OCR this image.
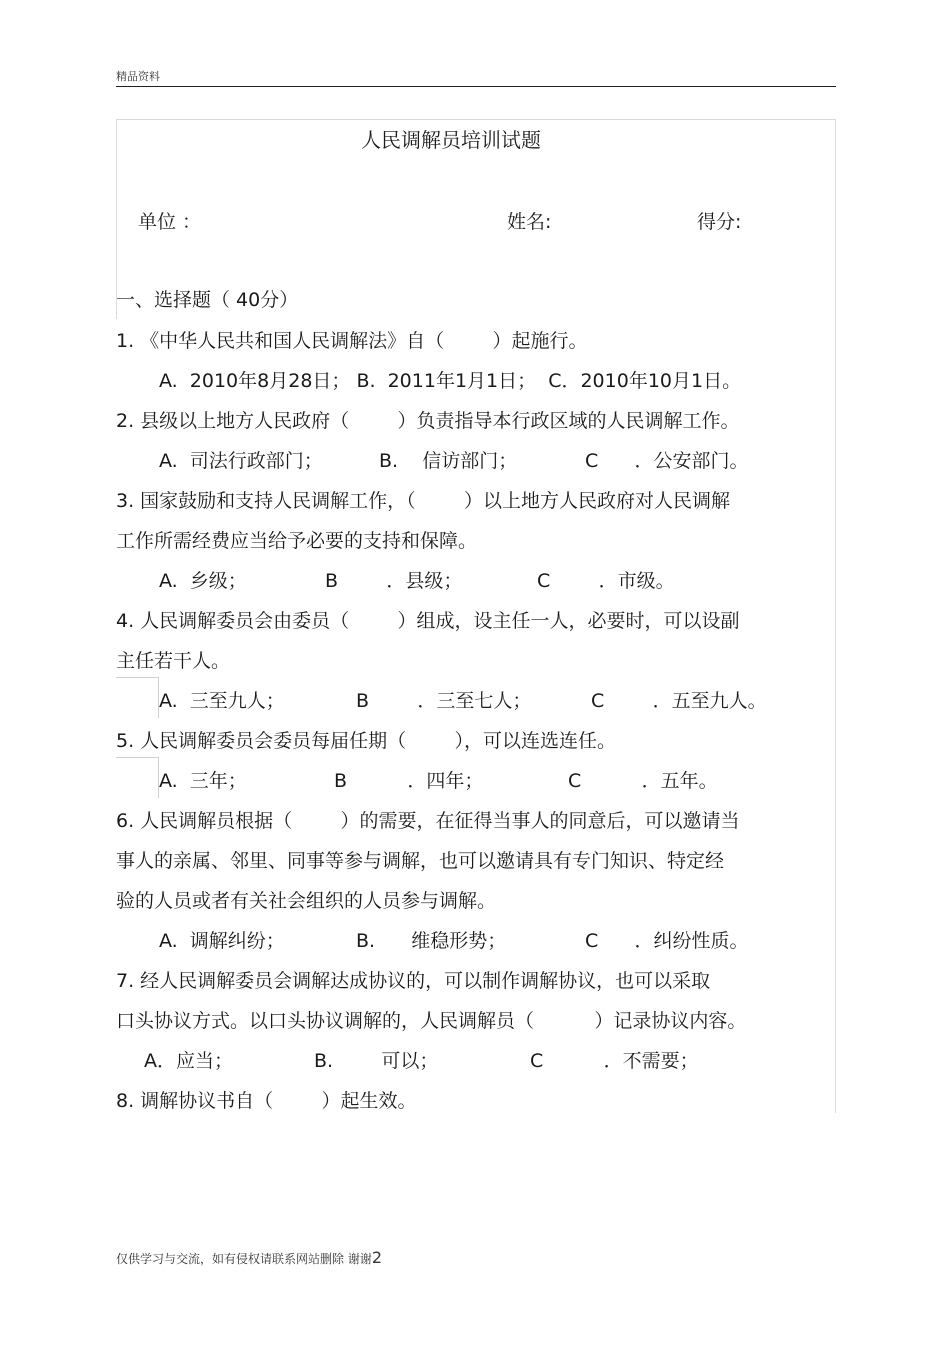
精品资料
人民调解员培训试题
单位 ：	姓名:	得分:
一、选择题（ 40分）
1. 《中华人民共和国人民调解法》自（        ）起施行。
A.  2010年8月28日； B.  2011年1月1日；  C．2010年10月1日。
2. 县级以上地方人民政府（        ）负责指导本行政区域的人民调解工作。
A.  司法行政部门；	B.    信访部门；	C      ．公安部门。
3. 国家鼓励和支持人民调解工作，（        ）以上地方人民政府对人民调解
工作所需经费应当给予必要的支持和保障。
A.  乡级；	B        ．县级；	C        ．市级。
4. 人民调解委员会由委员（        ）组成，设主任一人，必要时，可以设副
主任若干人。
A.  三至九人；	B        ．三至七人；	C        ．五至九人。
5. 人民调解委员会委员每届任期（        ），可以连选连任。
A.  三年；	B          ．四年；	C          ．五年。
6. 人民调解员根据（        ）的需要，在征得当事人的同意后，可以邀请当
事人的亲属、邻里、同事等参与调解，也可以邀请具有专门知识、特定经
验的人员或者有关社会组织的人员参与调解。
A.  调解纠纷；	B.      维稳形势；	C      ．纠纷性质。
7. 经人民调解委员会调解达成协议的，可以制作调解协议，也可以采取
口头协议方式。以口头协议调解的，人民调解员（          ）记录协议内容。
A．应当；	B.        可以；	C          ．不需要；
8. 调解协议书自（        ）起生效。
仅供学习与交流，如有侵权请联系网站删除 谢谢2
